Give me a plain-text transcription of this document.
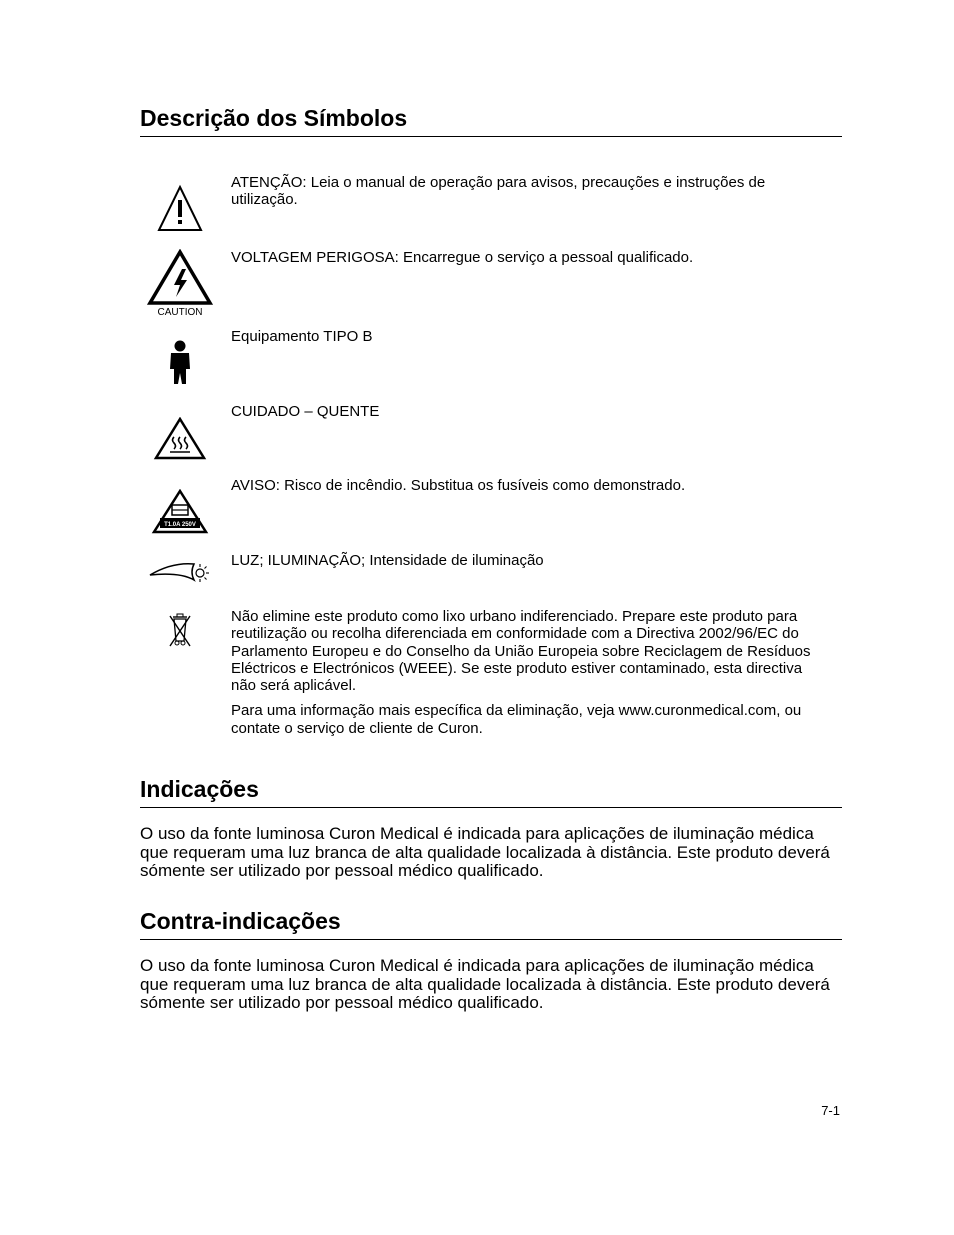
Descrição dos Símbolos
ATENÇÃO: Leia o manual de operação para avisos, precauções e instruções de utilização.
CAUTION
VOLTAGEM PERIGOSA: Encarregue o serviço a pessoal qualificado.
Equipamento TIPO B
CUIDADO – QUENTE
T1.0A 250V
AVISO: Risco de incêndio. Substitua os fusíveis como demonstrado.
LUZ; ILUMINAÇÃO; Intensidade de iluminação

Não elimine este produto como lixo urbano indiferenciado. Prepare este produto para reutilização ou recolha diferenciada em conformidade com a Directiva 2002/96/EC do Parlamento Europeu e do Conselho da União Europeia sobre Reciclagem de Resíduos Eléctricos e Electrónicos (WEEE). Se este produto estiver contaminado, esta directiva não será aplicável.

Para uma informação mais específica da eliminação, veja www.curonmedical.com, ou contate o serviço de cliente de Curon.

Indicações

O uso da fonte luminosa Curon Medical é indicada para aplicações de iluminação médica que requeram uma luz branca de alta qualidade localizada à distância. Este produto deverá sómente ser utilizado por pessoal médico qualificado.

Contra-indicações

O uso da fonte luminosa Curon Medical é indicada para aplicações de iluminação médica que requeram uma luz branca de alta qualidade localizada à distância. Este produto deverá sómente ser utilizado por pessoal médico qualificado.

7-1
